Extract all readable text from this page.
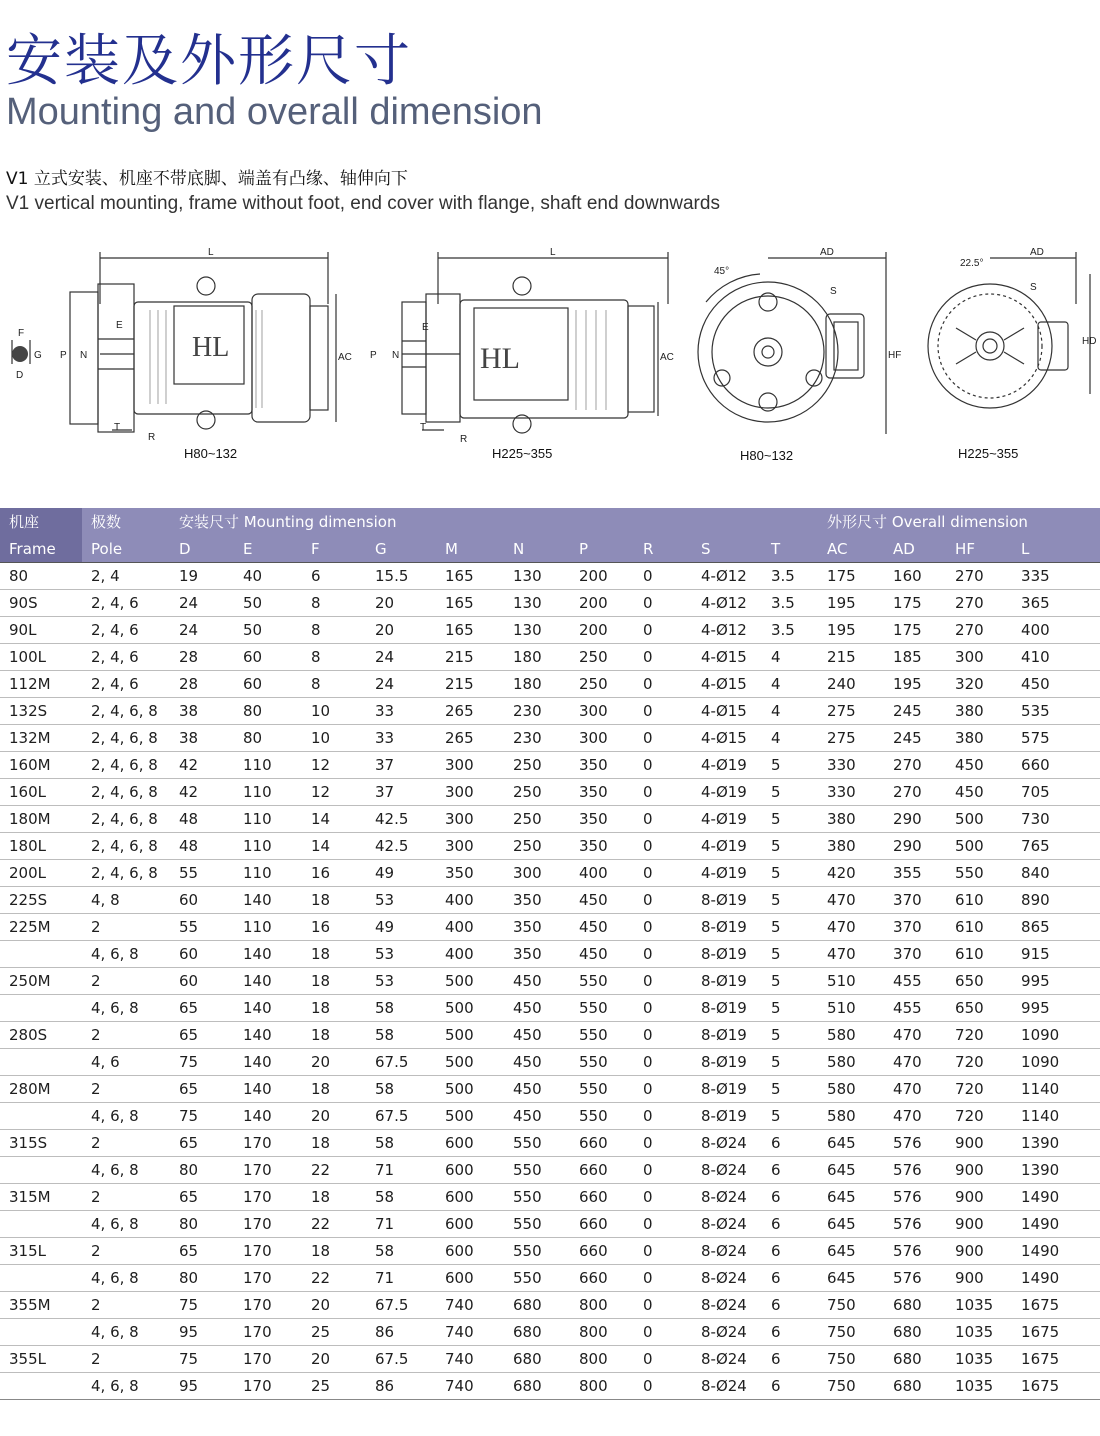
安装及外形尺寸
Mounting and overall dimension
V1 立式安装、机座不带底脚、端盖有凸缘、轴伸向下
V1 vertical mounting, frame without foot, end cover with flange, shaft end downwards
HL
L
P N
E
T
R
AC
F
G
D
H80~132
HL
L
P N
E
T
R
AC
H225~355
AD
S
HF
45°
H80~132
AD
S
HD
22.5°
H225~355
机座	极数	安装尺寸 Mounting dimension										外形尺寸 Overall dimension			
Frame	Pole	D	E	F	G	M	N	P	R	S	T	AC	AD	HF	L
80	2, 4	19	40	6	15.5	165	130	200	0	4-Ø12	3.5	175	160	270	335
90S	2, 4, 6	24	50	8	20	165	130	200	0	4-Ø12	3.5	195	175	270	365
90L	2, 4, 6	24	50	8	20	165	130	200	0	4-Ø12	3.5	195	175	270	400
100L	2, 4, 6	28	60	8	24	215	180	250	0	4-Ø15	4	215	185	300	410
112M	2, 4, 6	28	60	8	24	215	180	250	0	4-Ø15	4	240	195	320	450
132S	2, 4, 6, 8	38	80	10	33	265	230	300	0	4-Ø15	4	275	245	380	535
132M	2, 4, 6, 8	38	80	10	33	265	230	300	0	4-Ø15	4	275	245	380	575
160M	2, 4, 6, 8	42	110	12	37	300	250	350	0	4-Ø19	5	330	270	450	660
160L	2, 4, 6, 8	42	110	12	37	300	250	350	0	4-Ø19	5	330	270	450	705
180M	2, 4, 6, 8	48	110	14	42.5	300	250	350	0	4-Ø19	5	380	290	500	730
180L	2, 4, 6, 8	48	110	14	42.5	300	250	350	0	4-Ø19	5	380	290	500	765
200L	2, 4, 6, 8	55	110	16	49	350	300	400	0	4-Ø19	5	420	355	550	840
225S	4, 8	60	140	18	53	400	350	450	0	8-Ø19	5	470	370	610	890
225M	2	55	110	16	49	400	350	450	0	8-Ø19	5	470	370	610	865
	4, 6, 8	60	140	18	53	400	350	450	0	8-Ø19	5	470	370	610	915
250M	2	60	140	18	53	500	450	550	0	8-Ø19	5	510	455	650	995
	4, 6, 8	65	140	18	58	500	450	550	0	8-Ø19	5	510	455	650	995
280S	2	65	140	18	58	500	450	550	0	8-Ø19	5	580	470	720	1090
	4, 6	75	140	20	67.5	500	450	550	0	8-Ø19	5	580	470	720	1090
280M	2	65	140	18	58	500	450	550	0	8-Ø19	5	580	470	720	1140
	4, 6, 8	75	140	20	67.5	500	450	550	0	8-Ø19	5	580	470	720	1140
315S	2	65	170	18	58	600	550	660	0	8-Ø24	6	645	576	900	1390
	4, 6, 8	80	170	22	71	600	550	660	0	8-Ø24	6	645	576	900	1390
315M	2	65	170	18	58	600	550	660	0	8-Ø24	6	645	576	900	1490
	4, 6, 8	80	170	22	71	600	550	660	0	8-Ø24	6	645	576	900	1490
315L	2	65	170	18	58	600	550	660	0	8-Ø24	6	645	576	900	1490
	4, 6, 8	80	170	22	71	600	550	660	0	8-Ø24	6	645	576	900	1490
355M	2	75	170	20	67.5	740	680	800	0	8-Ø24	6	750	680	1035	1675
	4, 6, 8	95	170	25	86	740	680	800	0	8-Ø24	6	750	680	1035	1675
355L	2	75	170	20	67.5	740	680	800	0	8-Ø24	6	750	680	1035	1675
	4, 6, 8	95	170	25	86	740	680	800	0	8-Ø24	6	750	680	1035	1675
